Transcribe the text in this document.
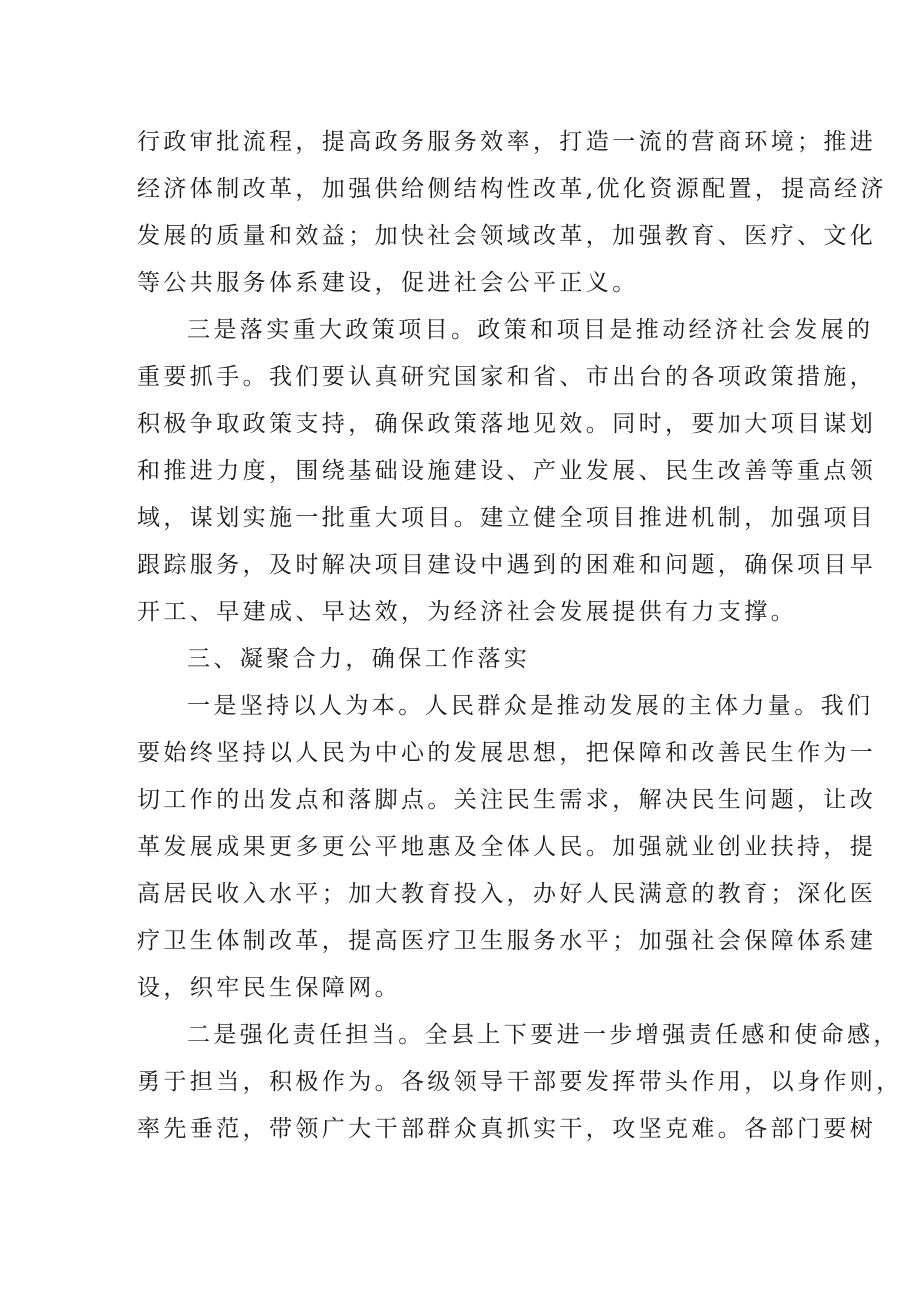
行政审批流程，提高政务服务效率，打造一流的营商环境；推进
经济体制改革，加强供给侧结构性改革,优化资源配置，提高经济
发展的质量和效益；加快社会领域改革，加强教育、医疗、文化
等公共服务体系建设，促进社会公平正义。

三是落实重大政策项目。政策和项目是推动经济社会发展的
重要抓手。我们要认真研究国家和省、市出台的各项政策措施，
积极争取政策支持，确保政策落地见效。同时，要加大项目谋划
和推进力度，围绕基础设施建设、产业发展、民生改善等重点领
域，谋划实施一批重大项目。建立健全项目推进机制，加强项目
跟踪服务，及时解决项目建设中遇到的困难和问题，确保项目早
开工、早建成、早达效，为经济社会发展提供有力支撑。

三、凝聚合力，确保工作落实

一是坚持以人为本。人民群众是推动发展的主体力量。我们
要始终坚持以人民为中心的发展思想，把保障和改善民生作为一
切工作的出发点和落脚点。关注民生需求，解决民生问题，让改
革发展成果更多更公平地惠及全体人民。加强就业创业扶持，提
高居民收入水平；加大教育投入，办好人民满意的教育；深化医
疗卫生体制改革，提高医疗卫生服务水平；加强社会保障体系建
设，织牢民生保障网。

二是强化责任担当。全县上下要进一步增强责任感和使命感，
勇于担当，积极作为。各级领导干部要发挥带头作用，以身作则，
率先垂范，带领广大干部群众真抓实干，攻坚克难。各部门要树
